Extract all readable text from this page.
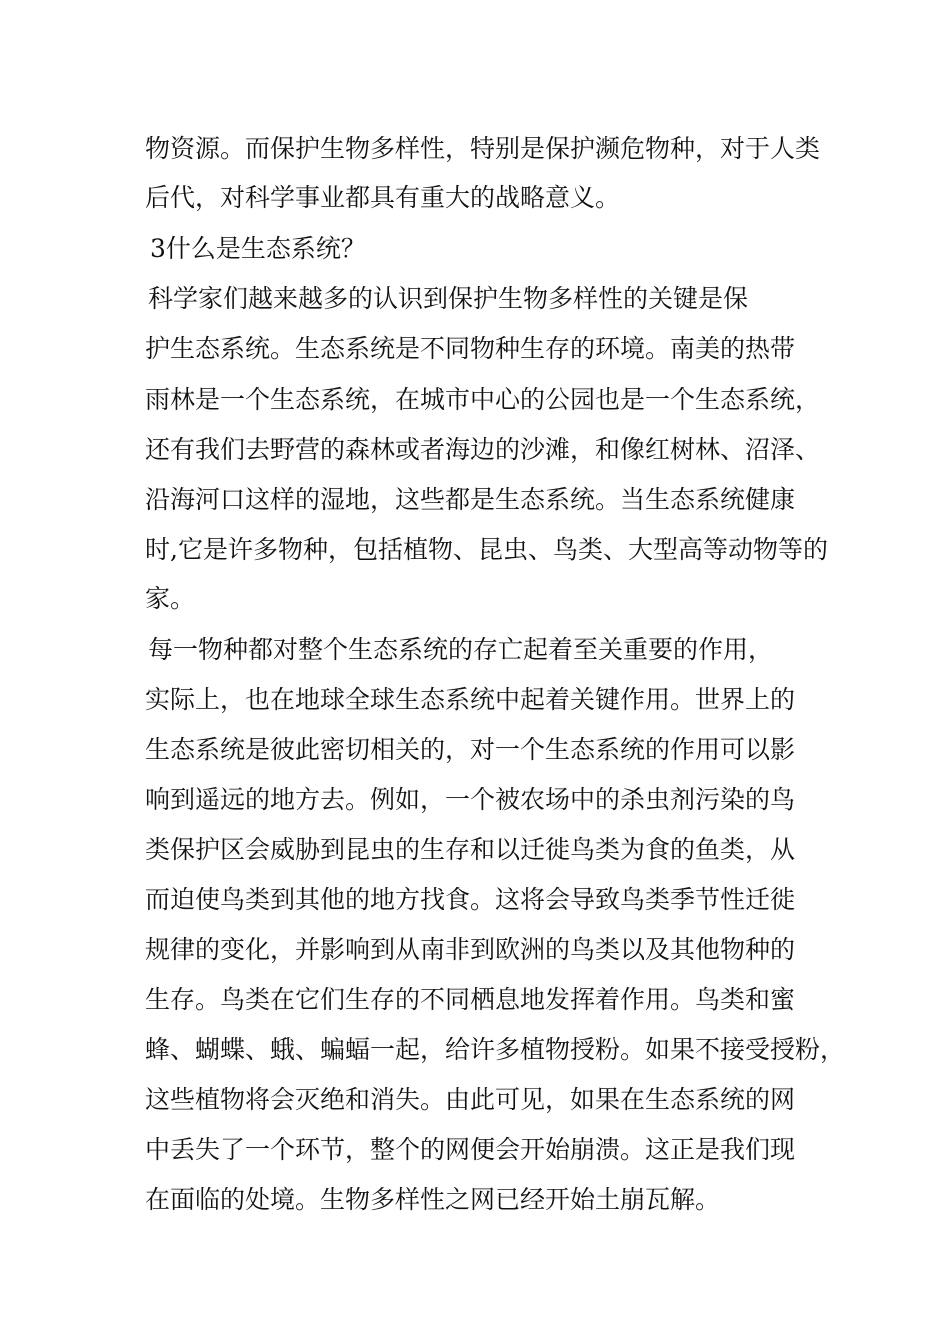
物资源。而保护生物多样性，特别是保护濒危物种，对于人类

后代，对科学事业都具有重大的战略意义。

3什么是生态系统？

科学家们越来越多的认识到保护生物多样性的关键是保

护生态系统。生态系统是不同物种生存的环境。南美的热带

雨林是一个生态系统，在城市中心的公园也是一个生态系统，

还有我们去野营的森林或者海边的沙滩，和像红树林、沼泽、

沿海河口这样的湿地，这些都是生态系统。当生态系统健康

时,它是许多物种，包括植物、昆虫、鸟类、大型高等动物等的

家。

每一物种都对整个生态系统的存亡起着至关重要的作用，

实际上，也在地球全球生态系统中起着关键作用。世界上的

生态系统是彼此密切相关的，对一个生态系统的作用可以影

响到遥远的地方去。例如，一个被农场中的杀虫剂污染的鸟

类保护区会威胁到昆虫的生存和以迁徙鸟类为食的鱼类，从

而迫使鸟类到其他的地方找食。这将会导致鸟类季节性迁徙

规律的变化，并影响到从南非到欧洲的鸟类以及其他物种的

生存。鸟类在它们生存的不同栖息地发挥着作用。鸟类和蜜

蜂、蝴蝶、蛾、蝙蝠一起，给许多植物授粉。如果不接受授粉，

这些植物将会灭绝和消失。由此可见，如果在生态系统的网

中丢失了一个环节，整个的网便会开始崩溃。这正是我们现

在面临的处境。生物多样性之网已经开始土崩瓦解。
